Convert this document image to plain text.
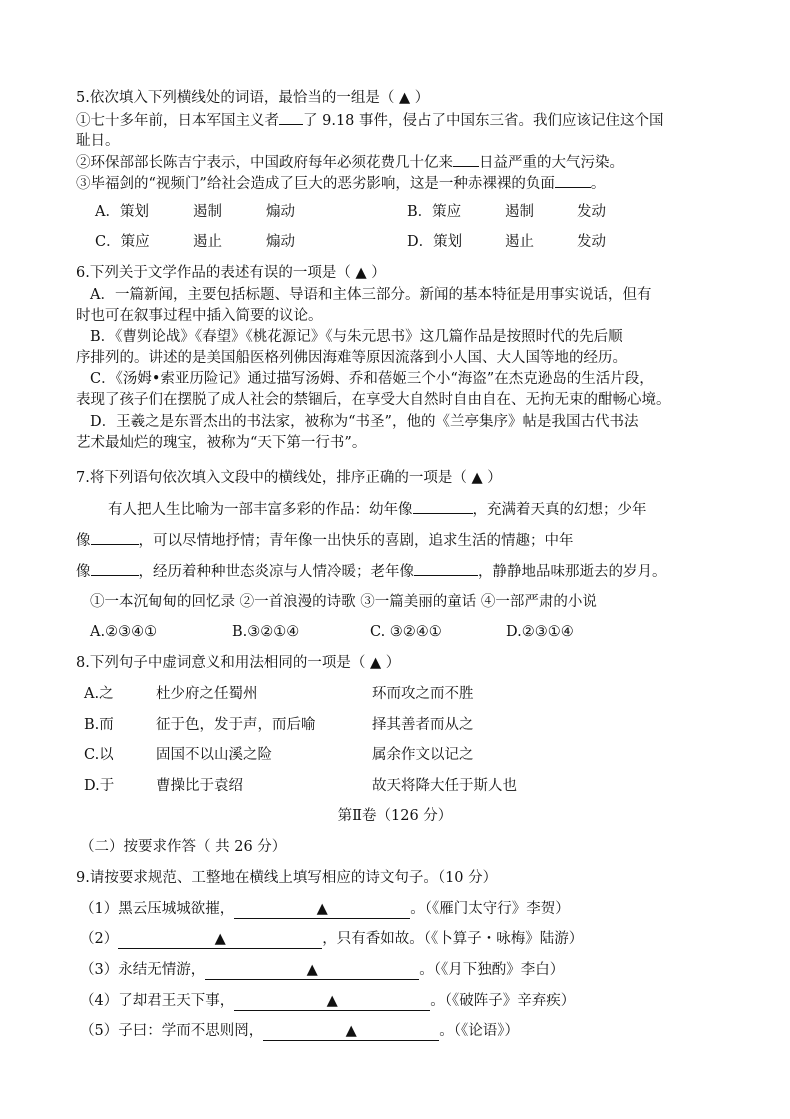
5.依次填入下列横线处的词语，最恰当的一组是（ ▲ ）
①七十多年前，日本军国主义者 了 9.18 事件，侵占了中国东三省。我们应该记住这个国
耻日。
②环保部部长陈吉宁表示，中国政府每年必须花费几十亿来 日益严重的大气污染。
③毕福剑的“视频门”给社会造成了巨大的恶劣影响，这是一种赤裸裸的负面 。
A．策划	遏制	煽动	B．策应	遏制	发动
C．策应	遏止	煽动	D．策划	遏止	发动
6.下列关于文学作品的表述有误的一项是（ ▲ ）
A．一篇新闻，主要包括标题、导语和主体三部分。新闻的基本特征是用事实说话，但有
时也可在叙事过程中插入简要的议论。
B．《曹刿论战》《春望》《桃花源记》《与朱元思书》这几篇作品是按照时代的先后顺
序排列的。讲述的是美国船医格列佛因海难等原因流落到小人国、大人国等地的经历。
C．《汤姆•索亚历险记》通过描写汤姆、乔和蓓姬三个小“海盗”在杰克逊岛的生活片段，
表现了孩子们在摆脱了成人社会的禁锢后，在享受大自然时自由自在、无拘无束的酣畅心境。
D．王羲之是东晋杰出的书法家，被称为“书圣”，他的《兰亭集序》帖是我国古代书法
艺术最灿烂的瑰宝，被称为“天下第一行书”。
7.将下列语句依次填入文段中的横线处，排序正确的一项是（ ▲ ）
有人把人生比喻为一部丰富多彩的作品：幼年像	，充满着天真的幻想；少年
像	，可以尽情地抒情；青年像一出快乐的喜剧，追求生活的情趣；中年
像	，经历着种种世态炎凉与人情冷暖；老年像	，静静地品味那逝去的岁月。
①一本沉甸甸的回忆录 ②一首浪漫的诗歌 ③一篇美丽的童话 ④一部严肃的小说
A.②③④①	B.③②①④	C. ③②④①	D.②③①④
8.下列句子中虚词意义和用法相同的一项是（ ▲ ）
A.之	杜少府之任蜀州	环而攻之而不胜
B.而	征于色，发于声，而后喻	择其善者而从之
C.以	固国不以山溪之险	属余作文以记之
D.于	曹操比于袁绍	故天将降大任于斯人也
第Ⅱ卷（126 分）
（二）按要求作答（ 共 26 分）
9.请按要求规范、工整地在横线上填写相应的诗文句子。（10 分）
（1）黑云压城城欲摧，	▲	。（《雁门太守行》李贺）
（2）	▲	，只有香如故。（《卜算子・咏梅》陆游）
（3）永结无情游，	▲	。（《月下独酌》李白）
（4）了却君王天下事，	▲	。（《破阵子》辛弃疾）
（5）子曰：学而不思则罔，	▲	。（《论语》）
